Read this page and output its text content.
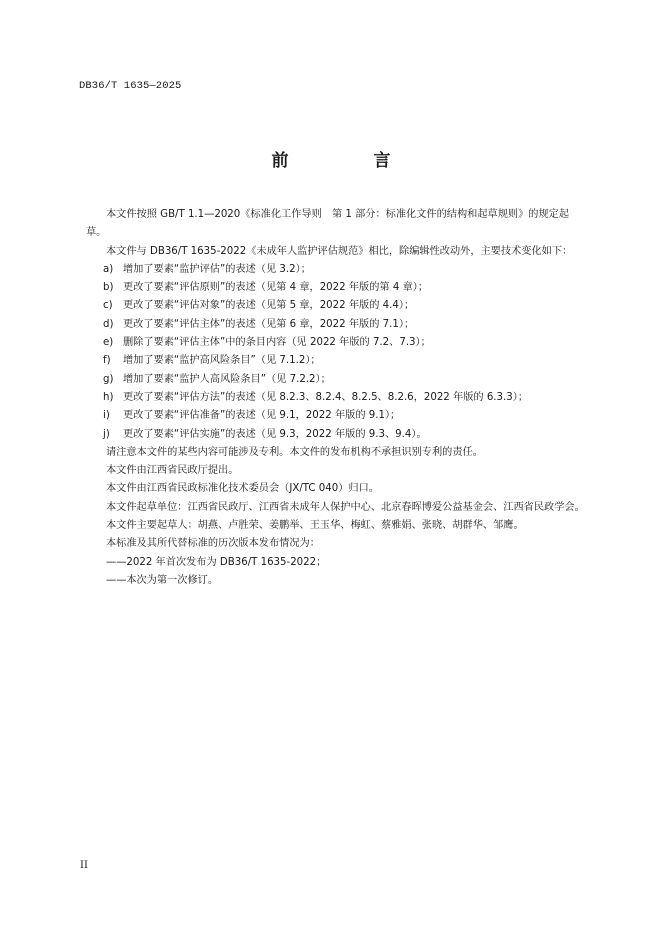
DB36/T 1635—2025
前　言

本文件按照 GB/T 1.1—2020《标准化工作导则　第 1 部分：标准化文件的结构和起草规则》的规定起草。

本文件与 DB36/T 1635-2022《未成年人监护评估规范》相比，除编辑性改动外，主要技术变化如下：

a) 增加了要素“监护评估”的表述（见 3.2）；
b) 更改了要素“评估原则”的表述（见第 4 章，2022 年版的第 4 章）；
c) 更改了要素“评估对象”的表述（见第 5 章，2022 年版的 4.4）；
d) 更改了要素“评估主体”的表述（见第 6 章，2022 年版的 7.1）；
e) 删除了要素“评估主体”中的条目内容（见 2022 年版的 7.2、7.3）；
f) 增加了要素“监护高风险条目”（见 7.1.2）；
g) 增加了要素“监护人高风险条目”（见 7.2.2）；
h) 更改了要素“评估方法”的表述（见 8.2.3、8.2.4、8.2.5、8.2.6，2022 年版的 6.3.3）；
i) 更改了要素“评估准备”的表述（见 9.1，2022 年版的 9.1）；
j) 更改了要素“评估实施”的表述（见 9.3，2022 年版的 9.3、9.4）。

请注意本文件的某些内容可能涉及专利。本文件的发布机构不承担识别专利的责任。

本文件由江西省民政厅提出。

本文件由江西省民政标准化技术委员会（JX/TC 040）归口。

本文件起草单位：江西省民政厅、江西省未成年人保护中心、北京春晖博爱公益基金会、江西省民政学会。

本文件主要起草人：胡燕、卢胜荣、姜鹏举、王玉华、梅虹、蔡雅娟、张晓、胡群华、邹鹰。

本标准及其所代替标准的历次版本发布情况为：

——2022 年首次发布为 DB36/T 1635-2022；

——本次为第一次修订。

II
